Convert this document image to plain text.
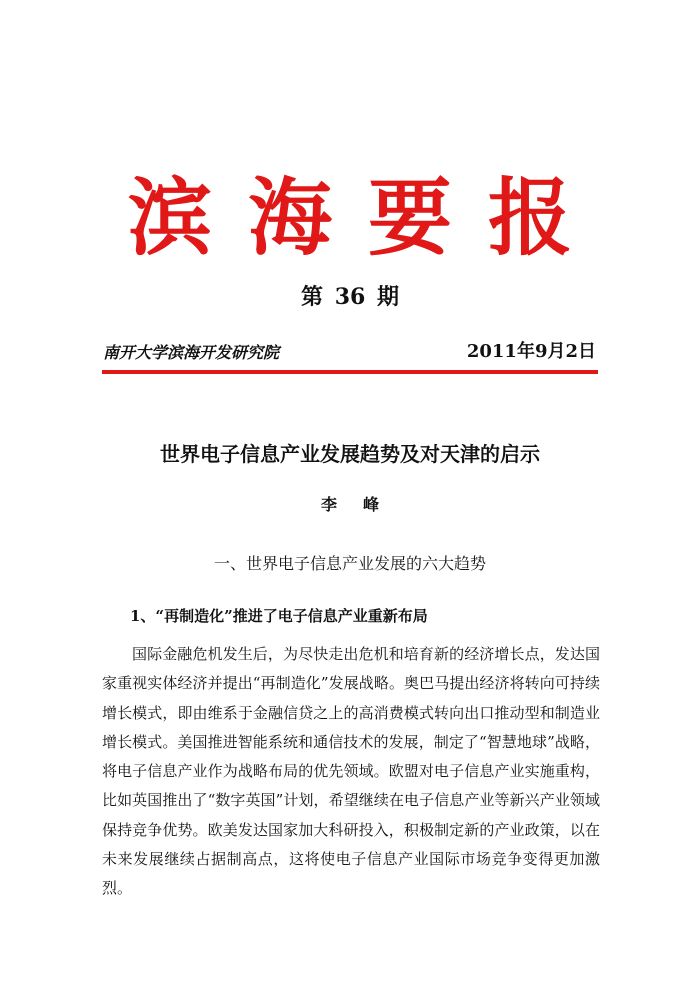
滨海要报
第 36 期
南开大学滨海开发研究院	2011年9月2日
世界电子信息产业发展趋势及对天津的启示
李峰
一、世界电子信息产业发展的六大趋势
1、“再制造化”推进了电子信息产业重新布局

国际金融危机发生后，为尽快走出危机和培育新的经济增长点，发达国家重视实体经济并提出“再制造化”发展战略。奥巴马提出经济将转向可持续增长模式，即由维系于金融信贷之上的高消费模式转向出口推动型和制造业增长模式。美国推进智能系统和通信技术的发展，制定了“智慧地球”战略，将电子信息产业作为战略布局的优先领域。欧盟对电子信息产业实施重构，比如英国推出了“数字英国”计划，希望继续在电子信息产业等新兴产业领域保持竞争优势。欧美发达国家加大科研投入，积极制定新的产业政策，以在未来发展继续占据制高点，这将使电子信息产业国际市场竞争变得更加激烈。
